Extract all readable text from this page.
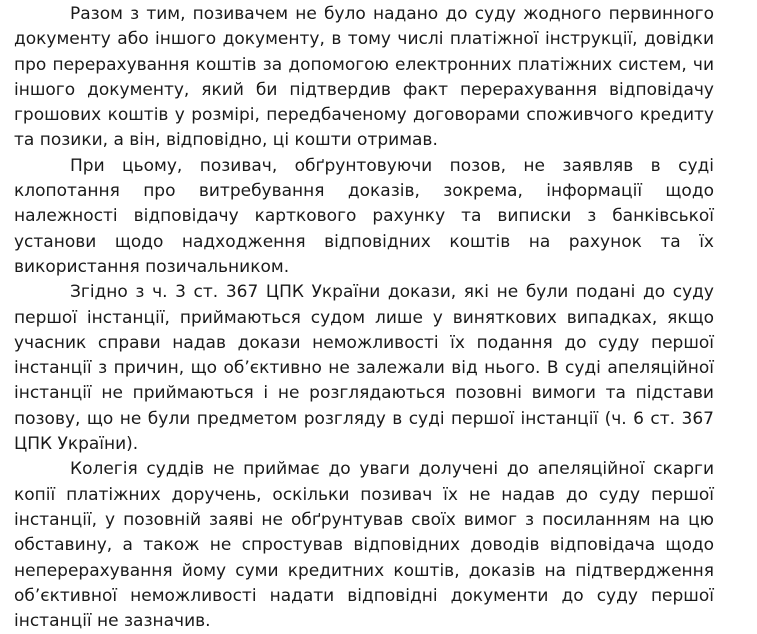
Разом з тим, позивачем не було надано до суду жодного первинного документу або іншого документу, в тому числі платіжної інструкції, довідки про перерахування коштів за допомогою електронних платіжних систем, чи іншого документу, який би підтвердив факт перерахування відповідачу грошових коштів у розмірі, передбаченому договорами споживчого кредиту та позики, а він, відповідно, ці кошти отримав.

При цьому, позивач, обґрунтовуючи позов, не заявляв в суді клопотання про витребування доказів, зокрема, інформації щодо належності відповідачу карткового рахунку та виписки з банківської установи щодо надходження відповідних коштів на рахунок та їх використання позичальником.

Згідно з ч. 3 ст. 367 ЦПК України докази, які не були подані до суду першої інстанції, приймаються судом лише у виняткових випадках, якщо учасник справи надав докази неможливості їх подання до суду першої інстанції з причин, що об’єктивно не залежали від нього. В суді апеляційної інстанції не приймаються і не розглядаються позовні вимоги та підстави позову, що не були предметом розгляду в суді першої інстанції (ч. 6 ст. 367 ЦПК України).

Колегія суддів не приймає до уваги долучені до апеляційної скарги копії платіжних доручень, оскільки позивач їх не надав до суду першої інстанції, у позовній заяві не обґрунтував своїх вимог з посиланням на цю обставину, а також не спростував відповідних доводів відповідача щодо неперерахування йому суми кредитних коштів, доказів на підтвердження об’єктивної неможливості надати відповідні документи до суду першої інстанції не зазначив.
